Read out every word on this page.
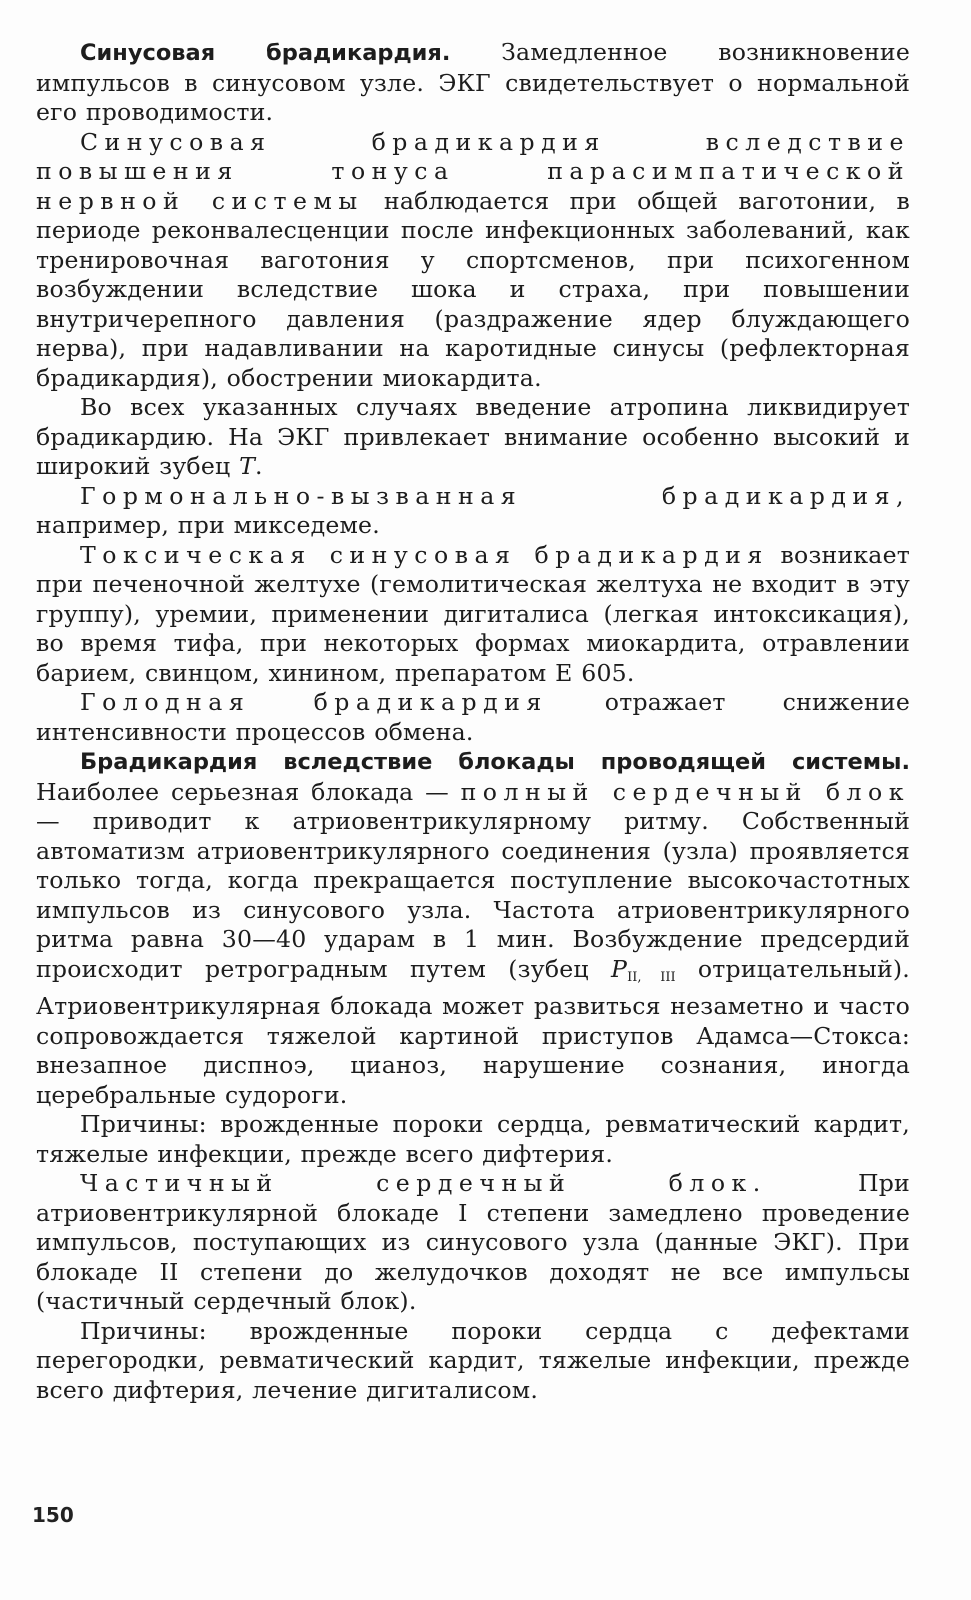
Синусовая брадикардия. Замедленное возникновение импульсов в синусовом узле. ЭКГ свидетельствует о нормальной его проводимости.

Синусовая брадикардия вследствие повышения тонуса парасимпатической нервной системы наблюдается при общей ваготонии, в периоде реконвалесценции после инфекционных заболеваний, как тренировочная ваготония у спортсменов, при психогенном возбуждении вследствие шока и страха, при повышении внутричерепного давления (раздражение ядер блуждающего нерва), при надавливании на каротидные синусы (рефлекторная брадикардия), обострении миокардита.

Во всех указанных случаях введение атропина ликвидирует брадикардию. На ЭКГ привлекает внимание особенно высокий и широкий зубец T.

Гормонально-вызванная брадикардия, например, при микседеме.

Токсическая синусовая брадикардия возникает при печеночной желтухе (гемолитическая желтуха не входит в эту группу), уремии, применении дигиталиса (легкая интоксикация), во время тифа, при некоторых формах миокардита, отравлении барием, свинцом, хинином, препаратом Е 605.

Голодная брадикардия отражает снижение интенсивности процессов обмена.

Брадикардия вследствие блокады проводящей системы. Наиболее серьезная блокада — полный сердечный блок — приводит к атриовентрикулярному ритму. Собственный автоматизм атриовентрикулярного соединения (узла) проявляется только тогда, когда прекращается поступление высокочастотных импульсов из синусового узла. Частота атриовентрикулярного ритма равна 30—40 ударам в 1 мин. Возбуждение предсердий происходит ретроградным путем (зубец $P_{II, III}$ отрицательный). Атриовентрикулярная блокада может развиться незаметно и часто сопровождается тяжелой картиной приступов Адамса—Стокса: внезапное диспноэ, цианоз, нарушение сознания, иногда церебральные судороги.

Причины: врожденные пороки сердца, ревматический кардит, тяжелые инфекции, прежде всего дифтерия.

Частичный сердечный блок. При атриовентрикулярной блокаде I степени замедлено проведение импульсов, поступающих из синусового узла (данные ЭКГ). При блокаде II степени до желудочков доходят не все импульсы (частичный сердечный блок).

Причины: врожденные пороки сердца с дефектами перегородки, ревматический кардит, тяжелые инфекции, прежде всего дифтерия, лечение дигиталисом.

150
